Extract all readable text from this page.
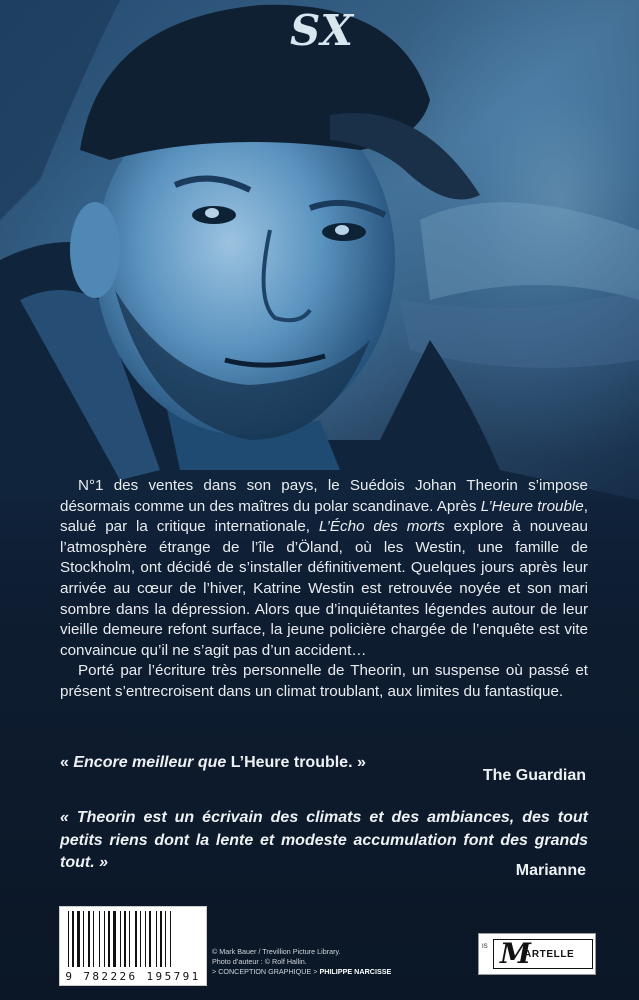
SX

N°1 des ventes dans son pays, le Suédois Johan Theorin s’impose désormais comme un des maîtres du polar scandinave. Après L’Heure trouble, salué par la critique internationale, L’Écho des morts explore à nouveau l’atmosphère étrange de l’île d’Öland, où les Westin, une famille de Stockholm, ont décidé de s’installer définitivement. Quelques jours après leur arrivée au cœur de l’hiver, Katrine Westin est retrouvée noyée et son mari sombre dans la dépression. Alors que d’inquiétantes légendes autour de leur vieille demeure refont surface, la jeune policière chargée de l’enquête est vite convaincue qu’il ne s’agit pas d’un accident…

Porté par l’écriture très personnelle de Theorin, un suspense où passé et présent s’entrecroisent dans un climat troublant, aux limites du fantastique.

« Encore meilleur que L’Heure trouble. »
The Guardian
« Theorin est un écrivain des climats et des ambiances, des tout petits riens dont la lente et modeste accumulation font des grands tout. »	Marianne
9 782226 195791
© Mark Bauer / Trevillion Picture Library.
Photo d’auteur : © Rolf Hallin.
> CONCEPTION GRAPHIQUE > PHILIPPE NARCISSE
IS M
ARTELLE
